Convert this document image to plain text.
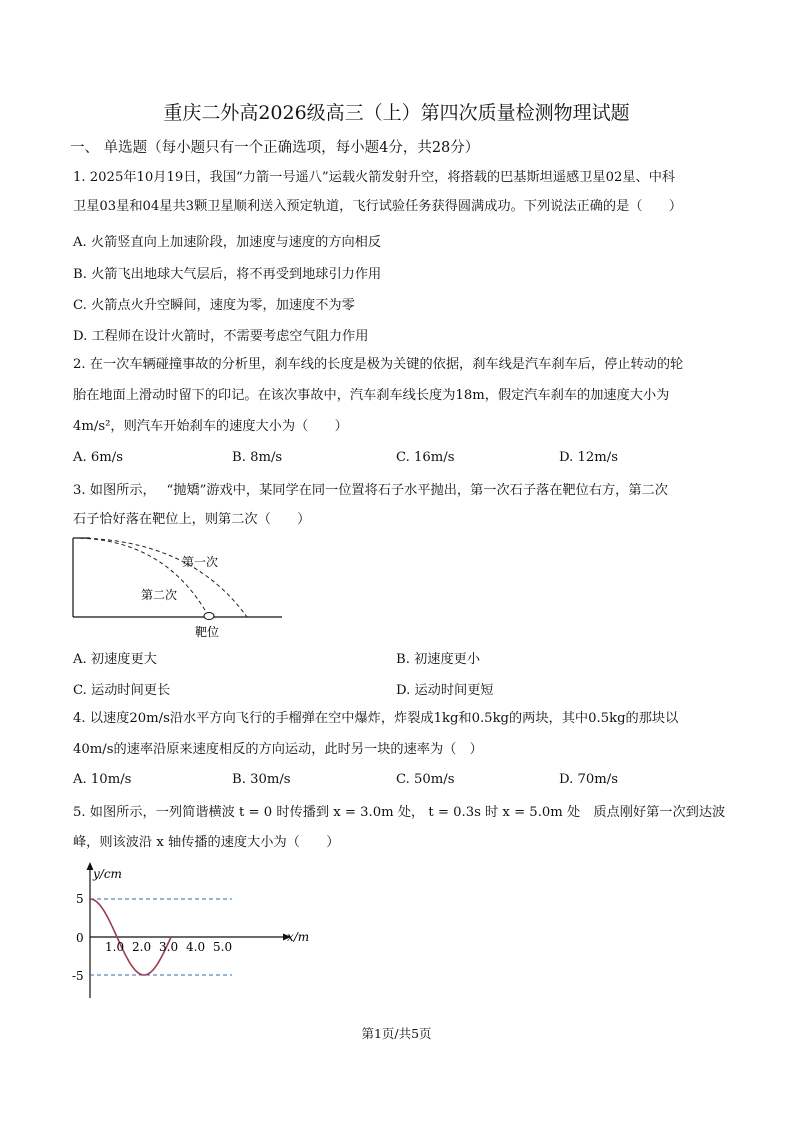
重庆二外高2026级高三（上）第四次质量检测物理试题
一、 单选题（每小题只有一个正确选项，每小题4分，共28分）
1. 2025年10月19日，我国“力箭一号遥八”运载火箭发射升空，将搭载的巴基斯坦遥感卫星02星、中科
卫星03星和04星共3颗卫星顺利送入预定轨道，飞行试验任务获得圆满成功。下列说法正确的是（　　）
A. 火箭竖直向上加速阶段，加速度与速度的方向相反
B. 火箭飞出地球大气层后，将不再受到地球引力作用
C. 火箭点火升空瞬间，速度为零，加速度不为零
D. 工程师在设计火箭时，不需要考虑空气阻力作用
2. 在一次车辆碰撞事故的分析里，刹车线的长度是极为关键的依据，刹车线是汽车刹车后，停止转动的轮
胎在地面上滑动时留下的印记。在该次事故中，汽车刹车线长度为18m，假定汽车刹车的加速度大小为
4m/s²，则汽车开始刹车的速度大小为（　　）
A. 6m/s	B. 8m/s	C. 16m/s	D. 12m/s
3. 如图所示，　 “抛矯”游戏中，某同学在同一位置将石子水平抛出，第一次石子落在靶位右方，第二次
石子恰好落在靶位上，则第二次（　　）
第一次
第二次
靶位
A. 初速度更大	B. 初速度更小
C. 运动时间更长	D. 运动时间更短
4. 以速度20m/s沿水平方向飞行的手榴弹在空中爆炸，炸裂成1kg和0.5kg的两块，其中0.5kg的那块以
40m/s的速率沿原来速度相反的方向运动，此时另一块的速率为（　）
A. 10m/s	B. 30m/s	C. 50m/s	D. 70m/s
5. 如图所示，一列简谐横波 t = 0 时传播到 x = 3.0m 处， t = 0.3s 时 x = 5.0m 处　质点刚好第一次到达波
峰，则该波沿 x 轴传播的速度大小为（　　）
y/cm
x/m
5
0
-5
1.0 2.0 3.0 4.0 5.0
第1页/共5页
